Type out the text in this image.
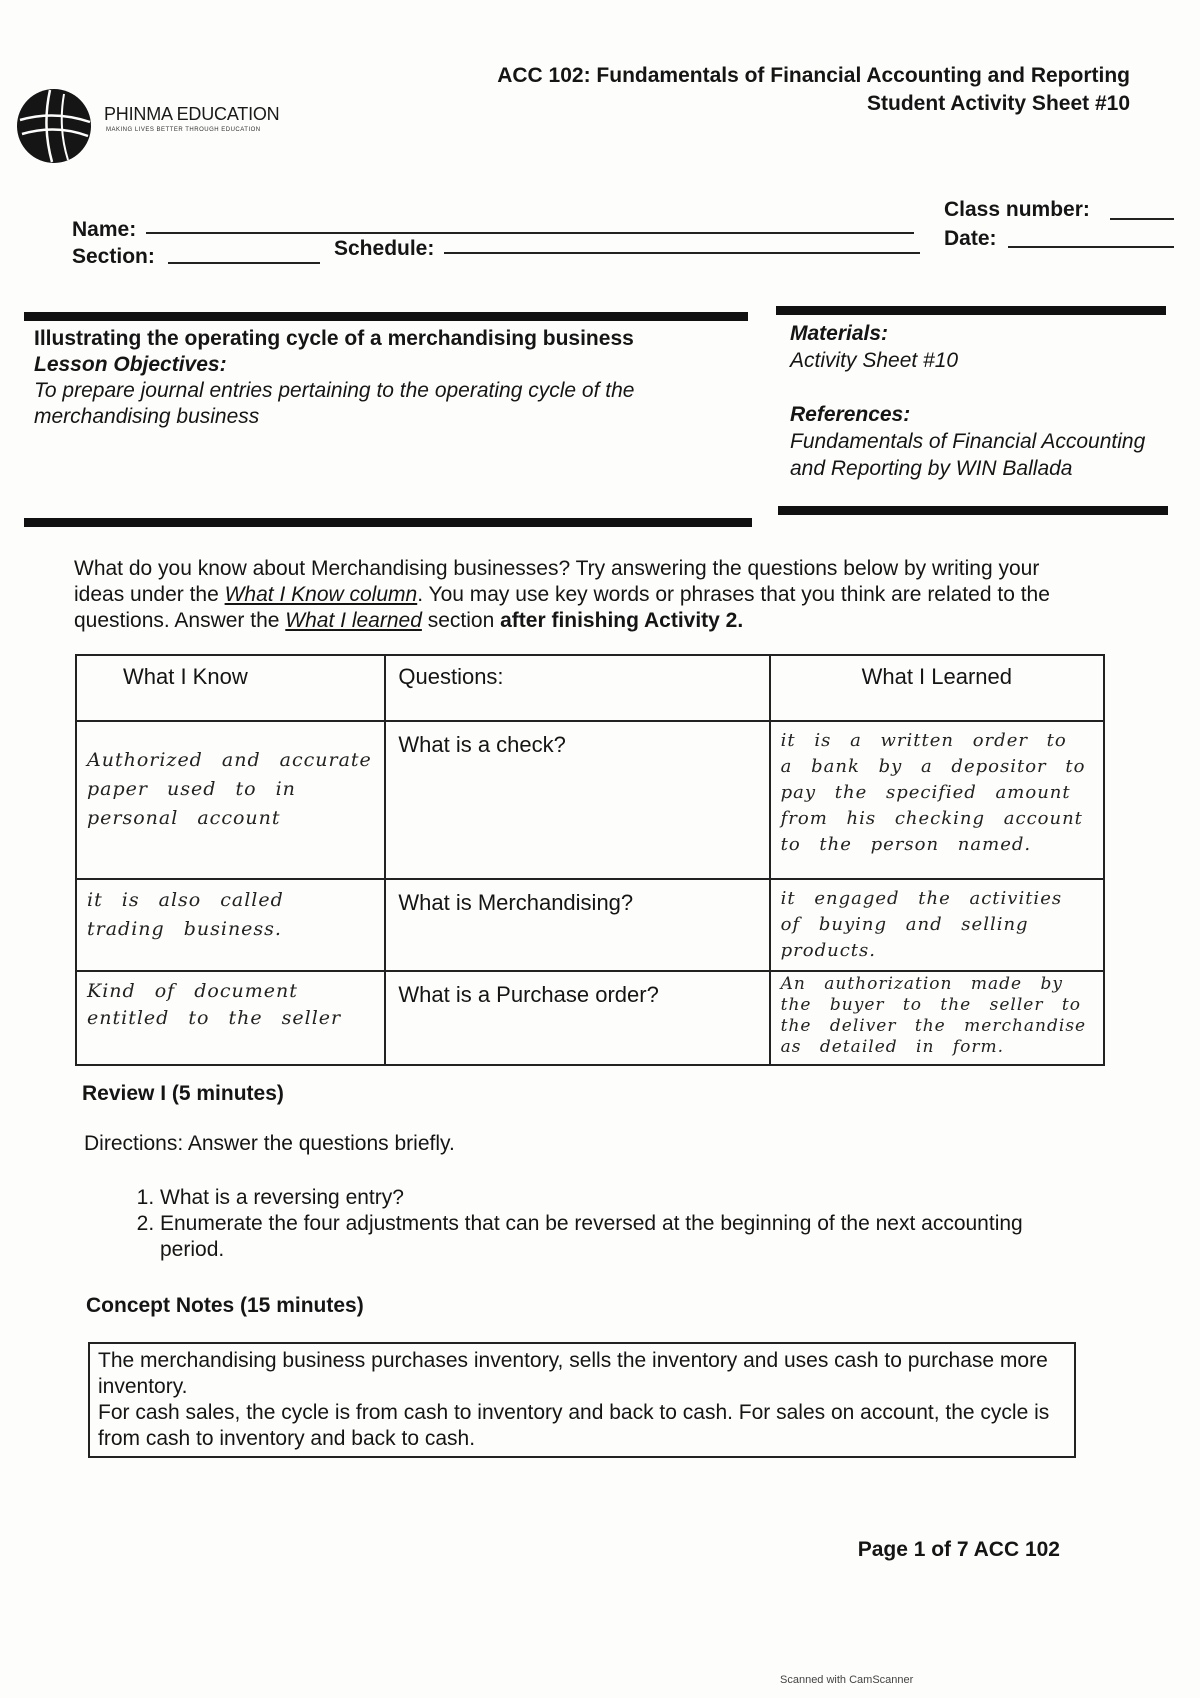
PHINMA EDUCATION
MAKING LIVES BETTER THROUGH EDUCATION
ACC 102: Fundamentals of Financial Accounting and Reporting
Student Activity Sheet #10
Name:
Section:	Schedule:
Class number:
Date:
Illustrating the operating cycle of a merchandising business
Lesson Objectives:
To prepare journal entries pertaining to the operating cycle of the merchandising business
Materials:
Activity Sheet #10
References:
Fundamentals of Financial Accounting and Reporting by WIN Ballada
What do you know about Merchandising businesses? Try answering the questions below by writing your ideas under the What I Know column. You may use key words or phrases that you think are related to the questions. Answer the What I learned section after finishing Activity 2.
What I Know	Questions:	What I Learned

Authorized and accurate paper used to in personal account	What is a check?	it is a written order to a bank by a depositor to pay the specified amount from his checking account to the person named.

it is also called trading business.	What is Merchandising?	it engaged the activities of buying and selling products.

Kind of document entitled to the seller	What is a Purchase order?	An authorization made by the buyer to the seller to the deliver the merchandise as detailed in form.
Review I (5 minutes)
Directions: Answer the questions briefly.
1. What is a reversing entry?
2. Enumerate the four adjustments that can be reversed at the beginning of the next accounting period.
Concept Notes (15 minutes)
The merchandising business purchases inventory, sells the inventory and uses cash to purchase more inventory.
For cash sales, the cycle is from cash to inventory and back to cash. For sales on account, the cycle is from cash to inventory and back to cash.
Page 1 of 7 ACC 102
Scanned with CamScanner
